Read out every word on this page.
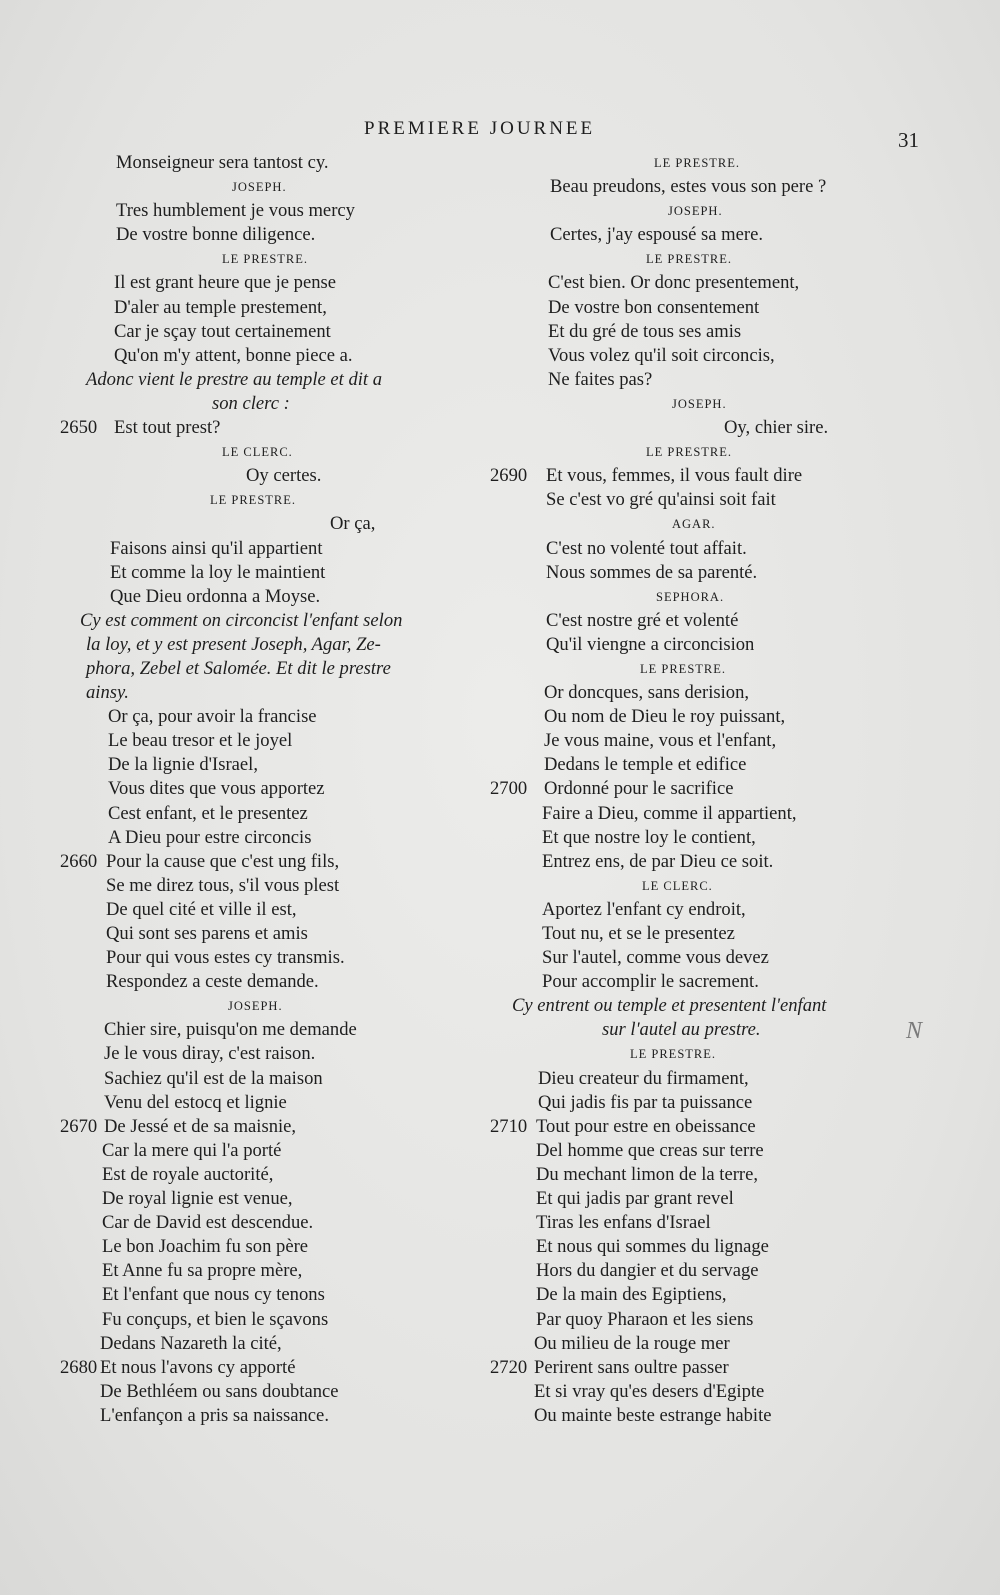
PREMIERE JOURNEE	31
Monseigneur sera tantost cy.
JOSEPH.
Tres humblement je vous mercy
De vostre bonne diligence.
LE PRESTRE.
Il est grant heure que je pense
D'aler au temple prestement,
Car je sçay tout certainement
Qu'on m'y attent, bonne piece a.
Adonc vient le prestre au temple et dit a
son clerc :
2650 Est tout prest?
LE CLERC.
Oy certes.
LE PRESTRE.
Or ça,
Faisons ainsi qu'il appartient
Et comme la loy le maintient
Que Dieu ordonna a Moyse.
Cy est comment on circoncist l'enfant selon
la loy, et y est present Joseph, Agar, Ze-
phora, Zebel et Salomée. Et dit le prestre
ainsy.
Or ça, pour avoir la francise
Le beau tresor et le joyel
De la lignie d'Israel,
Vous dites que vous apportez
Cest enfant, et le presentez
A Dieu pour estre circoncis
2660 Pour la cause que c'est ung fils,
Se me direz tous, s'il vous plest
De quel cité et ville il est,
Qui sont ses parens et amis
Pour qui vous estes cy transmis.
Respondez a ceste demande.
JOSEPH.
Chier sire, puisqu'on me demande
Je le vous diray, c'est raison.
Sachiez qu'il est de la maison
Venu del estocq et lignie
2670 De Jessé et de sa maisnie,
Car la mere qui l'a porté
Est de royale auctorité,
De royal lignie est venue,
Car de David est descendue.
Le bon Joachim fu son père
Et Anne fu sa propre mère,
Et l'enfant que nous cy tenons
Fu conçups, et bien le sçavons
Dedans Nazareth la cité,
2680 Et nous l'avons cy apporté
De Bethléem ou sans doubtance
L'enfançon a pris sa naissance.
LE PRESTRE.
Beau preudons, estes vous son pere ?
JOSEPH.
Certes, j'ay espousé sa mere.
LE PRESTRE.
C'est bien. Or donc presentement,
De vostre bon consentement
Et du gré de tous ses amis
Vous volez qu'il soit circoncis,
Ne faites pas?
JOSEPH.
Oy, chier sire.
LE PRESTRE.
2690 Et vous, femmes, il vous fault dire
Se c'est vo gré qu'ainsi soit fait
AGAR.
C'est no volenté tout affait.
Nous sommes de sa parenté.
SEPHORA.
C'est nostre gré et volenté
Qu'il viengne a circoncision
LE PRESTRE.
Or doncques, sans derision,
Ou nom de Dieu le roy puissant,
Je vous maine, vous et l'enfant,
Dedans le temple et edifice
2700 Ordonné pour le sacrifice
Faire a Dieu, comme il appartient,
Et que nostre loy le contient,
Entrez ens, de par Dieu ce soit.
LE CLERC.
Aportez l'enfant cy endroit,
Tout nu, et se le presentez
Sur l'autel, comme vous devez
Pour accomplir le sacrement.
Cy entrent ou temple et presentent l'enfant
sur l'autel au prestre.
LE PRESTRE.
Dieu createur du firmament,
Qui jadis fis par ta puissance
2710 Tout pour estre en obeissance
Del homme que creas sur terre
Du mechant limon de la terre,
Et qui jadis par grant revel
Tiras les enfans d'Israel
Et nous qui sommes du lignage
Hors du dangier et du servage
De la main des Egiptiens,
Par quoy Pharaon et les siens
Ou milieu de la rouge mer
2720 Perirent sans oultre passer
Et si vray qu'es desers d'Egipte
Ou mainte beste estrange habite
N
